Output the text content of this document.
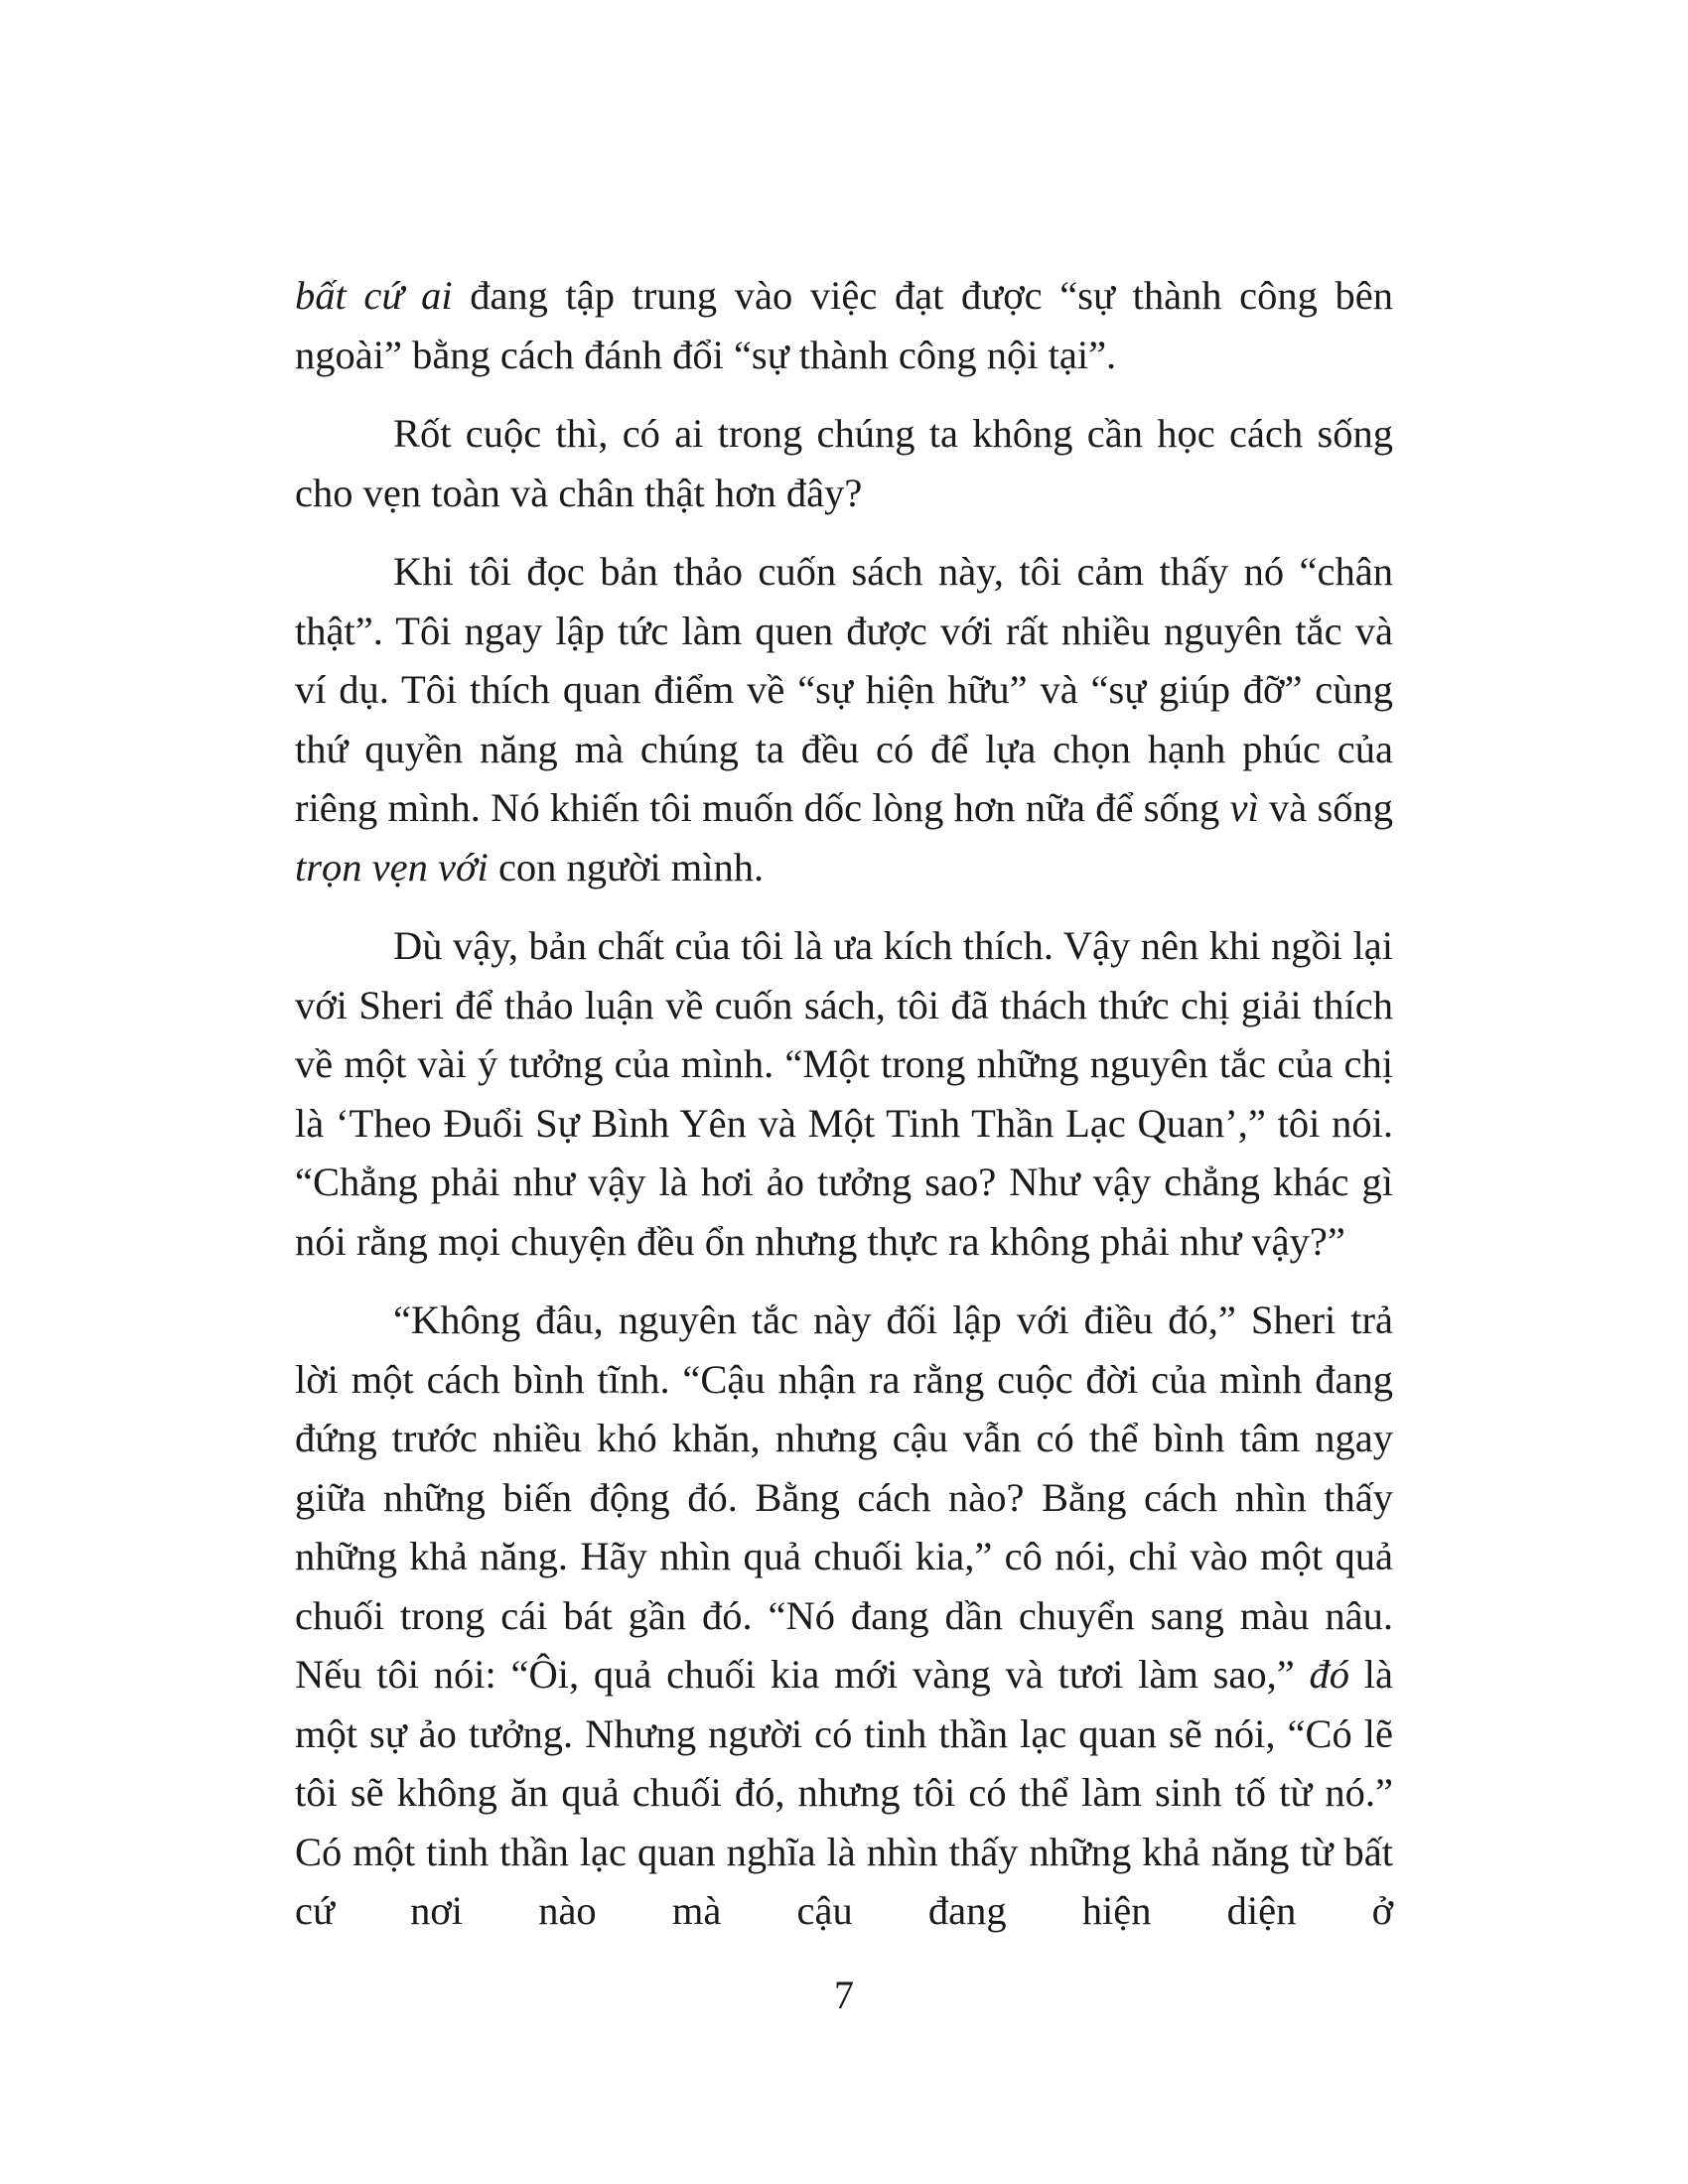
bất cứ ai đang tập trung vào việc đạt được “sự thành công bên ngoài” bằng cách đánh đổi “sự thành công nội tại”.

Rốt cuộc thì, có ai trong chúng ta không cần học cách sống cho vẹn toàn và chân thật hơn đây?

Khi tôi đọc bản thảo cuốn sách này, tôi cảm thấy nó “chân thật”. Tôi ngay lập tức làm quen được với rất nhiều nguyên tắc và ví dụ. Tôi thích quan điểm về “sự hiện hữu” và “sự giúp đỡ” cùng thứ quyền năng mà chúng ta đều có để lựa chọn hạnh phúc của riêng mình. Nó khiến tôi muốn dốc lòng hơn nữa để sống vì và sống trọn vẹn với con người mình.

Dù vậy, bản chất của tôi là ưa kích thích. Vậy nên khi ngồi lại với Sheri để thảo luận về cuốn sách, tôi đã thách thức chị giải thích về một vài ý tưởng của mình. “Một trong những nguyên tắc của chị là ‘Theo Đuổi Sự Bình Yên và Một Tinh Thần Lạc Quan’,” tôi nói. “Chẳng phải như vậy là hơi ảo tưởng sao? Như vậy chẳng khác gì nói rằng mọi chuyện đều ổn nhưng thực ra không phải như vậy?”

“Không đâu, nguyên tắc này đối lập với điều đó,” Sheri trả lời một cách bình tĩnh. “Cậu nhận ra rằng cuộc đời của mình đang đứng trước nhiều khó khăn, nhưng cậu vẫn có thể bình tâm ngay giữa những biến động đó. Bằng cách nào? Bằng cách nhìn thấy những khả năng. Hãy nhìn quả chuối kia,” cô nói, chỉ vào một quả chuối trong cái bát gần đó. “Nó đang dần chuyển sang màu nâu. Nếu tôi nói: “Ôi, quả chuối kia mới vàng và tươi làm sao,” đó là một sự ảo tưởng. Nhưng người có tinh thần lạc quan sẽ nói, “Có lẽ tôi sẽ không ăn quả chuối đó, nhưng tôi có thể làm sinh tố từ nó.” Có một tinh thần lạc quan nghĩa là nhìn thấy những khả năng từ bất cứ nơi nào mà cậu đang hiện diện ở

7
